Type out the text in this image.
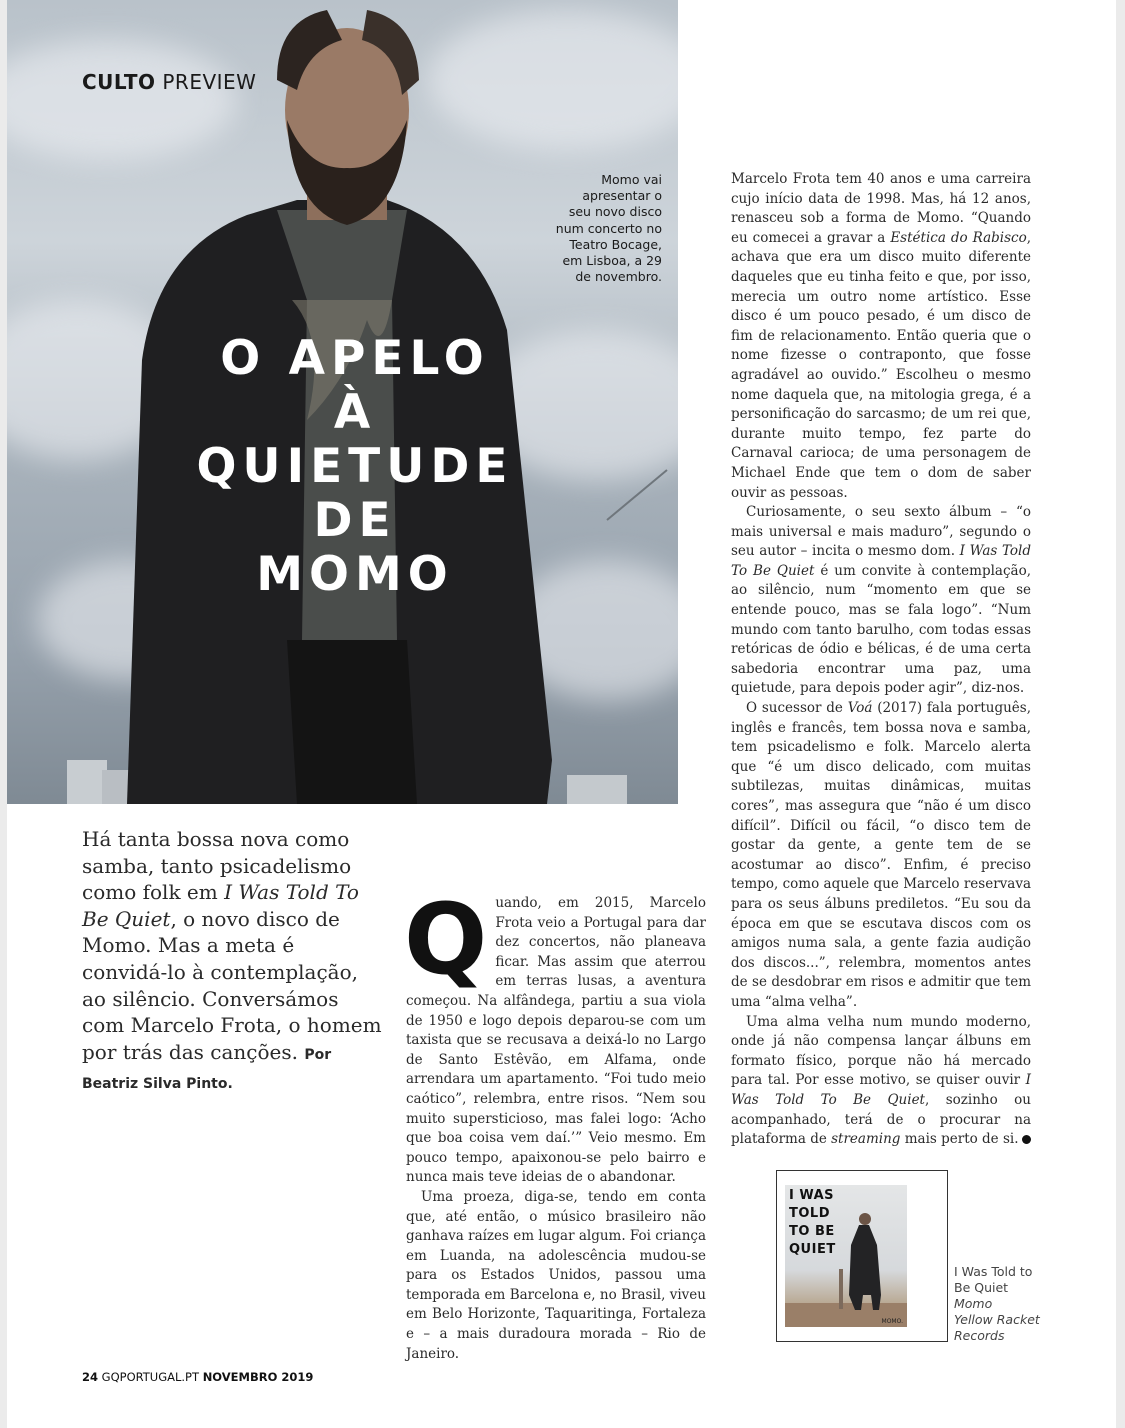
CULTO PREVIEW
Momo vai
apresentar o
seu novo disco
num concerto no
Teatro Bocage,
em Lisboa, a 29
de novembro.
O APELO
À
QUIETUDE
DE
MOMO
Há tanta bossa nova como samba, tanto psicadelismo como folk em I Was Told To Be Quiet, o novo disco de Momo. Mas a meta é convidá-lo à contemplação, ao silêncio. Conversámos com Marcelo Frota, o homem por trás das canções. Por Beatriz Silva Pinto.
Q uando, em 2015, Marcelo Frota veio a Portugal para dar dez concertos, não planeava ficar. Mas assim que aterrou em terras lusas, a aventura começou. Na alfândega, partiu a sua viola de 1950 e logo depois deparou-se com um taxista que se recusava a deixá-lo no Largo de Santo Estêvão, em Alfama, onde arrendara um apartamento. “Foi tudo meio caótico”, relembra, entre risos. “Nem sou muito supersticioso, mas falei logo: ‘Acho que boa coisa vem daí.’” Veio mesmo. Em pouco tempo, apaixonou-se pelo bairro e nunca mais teve ideias de o abandonar.

Uma proeza, diga-se, tendo em conta que, até então, o músico brasileiro não ganhava raízes em lugar algum. Foi criança em Luanda, na adolescência mudou-se para os Estados Unidos, passou uma temporada em Barcelona e, no Brasil, viveu em Belo Horizonte, Taquaritinga, Fortaleza e – a mais duradoura morada – Rio de Janeiro.

Marcelo Frota tem 40 anos e uma carreira cujo início data de 1998. Mas, há 12 anos, renasceu sob a forma de Momo. “Quando eu comecei a gravar a Estética do Rabisco, achava que era um disco muito diferente daqueles que eu tinha feito e que, por isso, merecia um outro nome artístico. Esse disco é um pouco pesado, é um disco de fim de relacionamento. Então queria que o nome fizesse o contraponto, que fosse agradável ao ouvido.” Escolheu o mesmo nome daquela que, na mitologia grega, é a personificação do sarcasmo; de um rei que, durante muito tempo, fez parte do Carnaval carioca; de uma personagem de Michael Ende que tem o dom de saber ouvir as pessoas.

Curiosamente, o seu sexto álbum – “o mais universal e mais maduro”, segundo o seu autor – incita o mesmo dom. I Was Told To Be Quiet é um convite à contemplação, ao silêncio, num “momento em que se entende pouco, mas se fala logo”. “Num mundo com tanto barulho, com todas essas retóricas de ódio e bélicas, é de uma certa sabedoria encontrar uma paz, uma quietude, para depois poder agir”, diz-nos.

O sucessor de Voá (2017) fala português, inglês e francês, tem bossa nova e samba, tem psicadelismo e folk. Marcelo alerta que “é um disco delicado, com muitas subtilezas, muitas dinâmicas, muitas cores”, mas assegura que “não é um disco difícil”. Difícil ou fácil, “o disco tem de gostar da gente, a gente tem de se acostumar ao disco”. Enfim, é preciso tempo, como aquele que Marcelo reservava para os seus álbuns prediletos. “Eu sou da época em que se escutava discos com os amigos numa sala, a gente fazia audição dos discos...”, relembra, momentos antes de se desdobrar em risos e admitir que tem uma “alma velha”.

Uma alma velha num mundo moderno, onde já não compensa lançar álbuns em formato físico, porque não há mercado para tal. Por esse motivo, se quiser ouvir I Was Told To Be Quiet, sozinho ou acompanhado, terá de o procurar na plataforma de streaming mais perto de si.

I WAS
TOLD
TO BE
QUIET
MOMO.
I Was Told to Be Quiet
Momo
Yellow Racket Records
24 GQPORTUGAL.PT NOVEMBRO 2019
